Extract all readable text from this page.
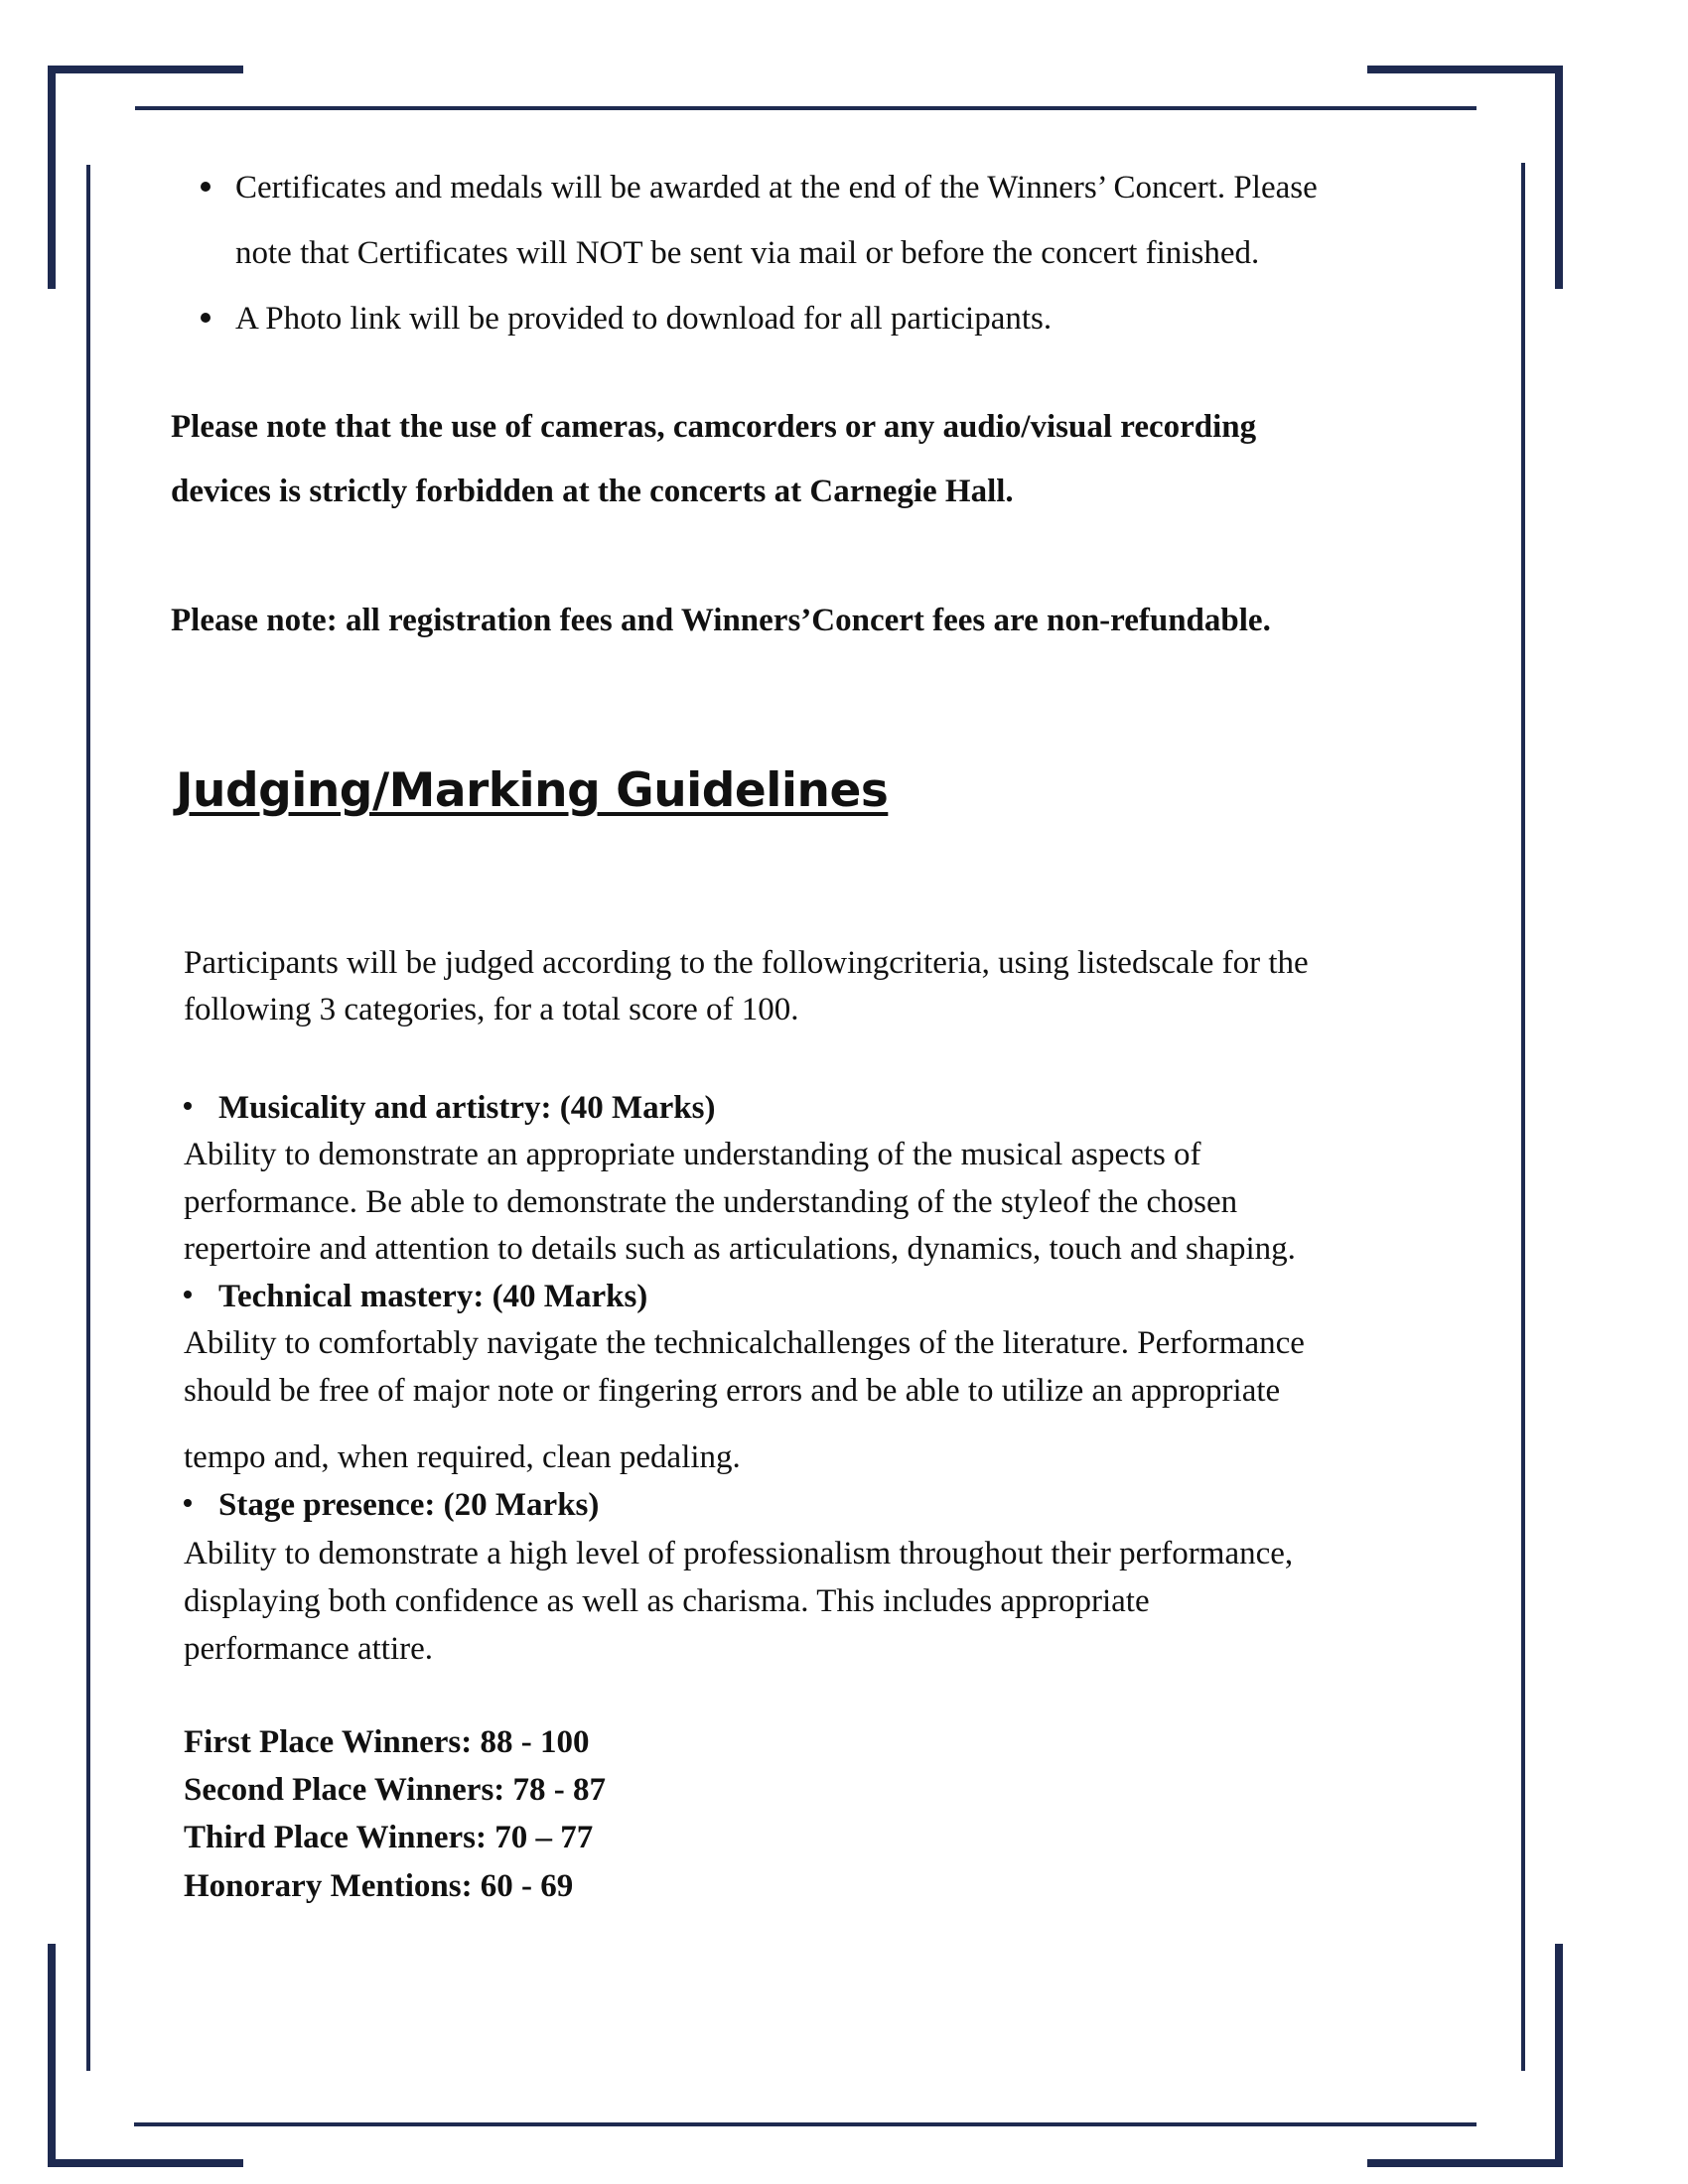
Certificates and medals will be awarded at the end of the Winners’ Concert. Please
note that Certificates will NOT be sent via mail or before the concert finished.
A Photo link will be provided to download for all participants.
Please note that the use of cameras, camcorders or any audio/visual recording
devices is strictly forbidden at the concerts at Carnegie Hall.
Please note: all registration fees and Winners’Concert fees are non-refundable.
Judging/Marking Guidelines
Participants will be judged according to the followingcriteria, using listedscale for the
following 3 categories, for a total score of 100.
Musicality and artistry: (40 Marks)
Ability to demonstrate an appropriate understanding of the musical aspects of
performance. Be able to demonstrate the understanding of the styleof the chosen
repertoire and attention to details such as articulations, dynamics, touch and shaping.
Technical mastery: (40 Marks)
Ability to comfortably navigate the technicalchallenges of the literature. Performance
should be free of major note or fingering errors and be able to utilize an appropriate
tempo and, when required, clean pedaling.
Stage presence: (20 Marks)
Ability to demonstrate a high level of professionalism throughout their performance,
displaying both confidence as well as charisma. This includes appropriate
performance attire.
First Place Winners: 88 - 100
Second Place Winners: 78 - 87
Third Place Winners: 70 – 77
Honorary Mentions: 60 - 69
